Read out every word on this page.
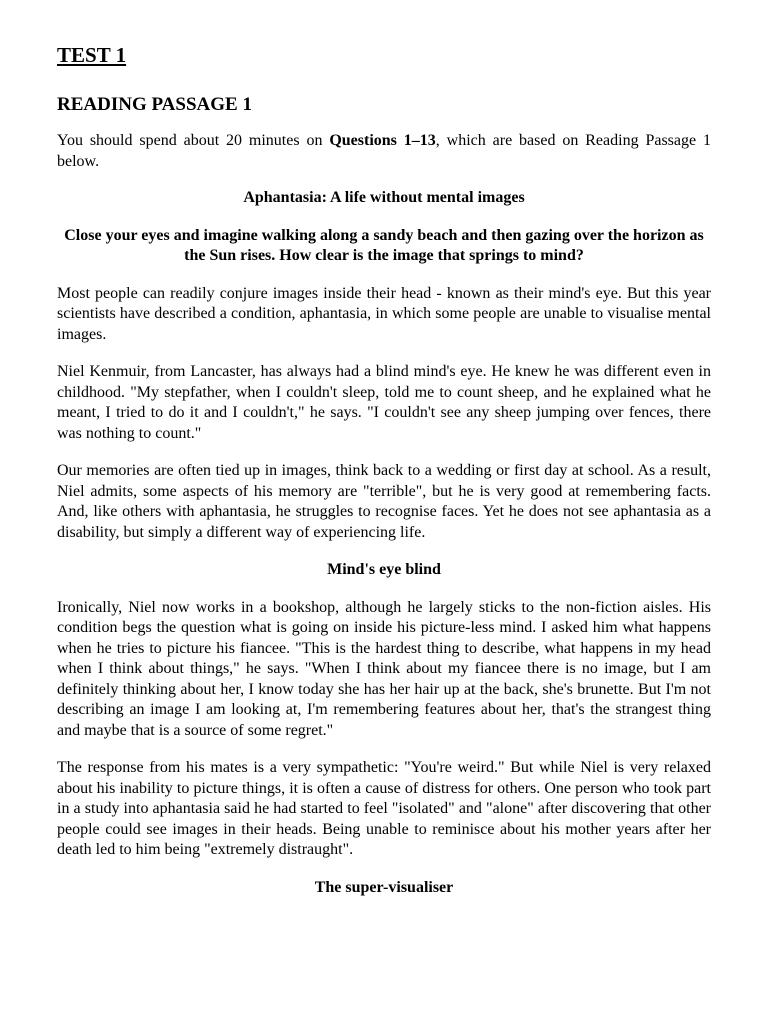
TEST 1
READING PASSAGE 1

You should spend about 20 minutes on Questions 1–13, which are based on Reading Passage 1 below.

Aphantasia: A life without mental images

Close your eyes and imagine walking along a sandy beach and then gazing over the horizon as the Sun rises. How clear is the image that springs to mind?

Most people can readily conjure images inside their head - known as their mind's eye. But this year scientists have described a condition, aphantasia, in which some people are unable to visualise mental images.

Niel Kenmuir, from Lancaster, has always had a blind mind's eye. He knew he was different even in childhood. "My stepfather, when I couldn't sleep, told me to count sheep, and he explained what he meant, I tried to do it and I couldn't," he says. "I couldn't see any sheep jumping over fences, there was nothing to count."

Our memories are often tied up in images, think back to a wedding or first day at school. As a result, Niel admits, some aspects of his memory are "terrible", but he is very good at remembering facts. And, like others with aphantasia, he struggles to recognise faces. Yet he does not see aphantasia as a disability, but simply a different way of experiencing life.

Mind's eye blind

Ironically, Niel now works in a bookshop, although he largely sticks to the non-fiction aisles. His condition begs the question what is going on inside his picture-less mind. I asked him what happens when he tries to picture his fiancee. "This is the hardest thing to describe, what happens in my head when I think about things," he says. "When I think about my fiancee there is no image, but I am definitely thinking about her, I know today she has her hair up at the back, she's brunette. But I'm not describing an image I am looking at, I'm remembering features about her, that's the strangest thing and maybe that is a source of some regret."

The response from his mates is a very sympathetic: "You're weird." But while Niel is very relaxed about his inability to picture things, it is often a cause of distress for others. One person who took part in a study into aphantasia said he had started to feel "isolated" and "alone" after discovering that other people could see images in their heads. Being unable to reminisce about his mother years after her death led to him being "extremely distraught".

The super-visualiser
